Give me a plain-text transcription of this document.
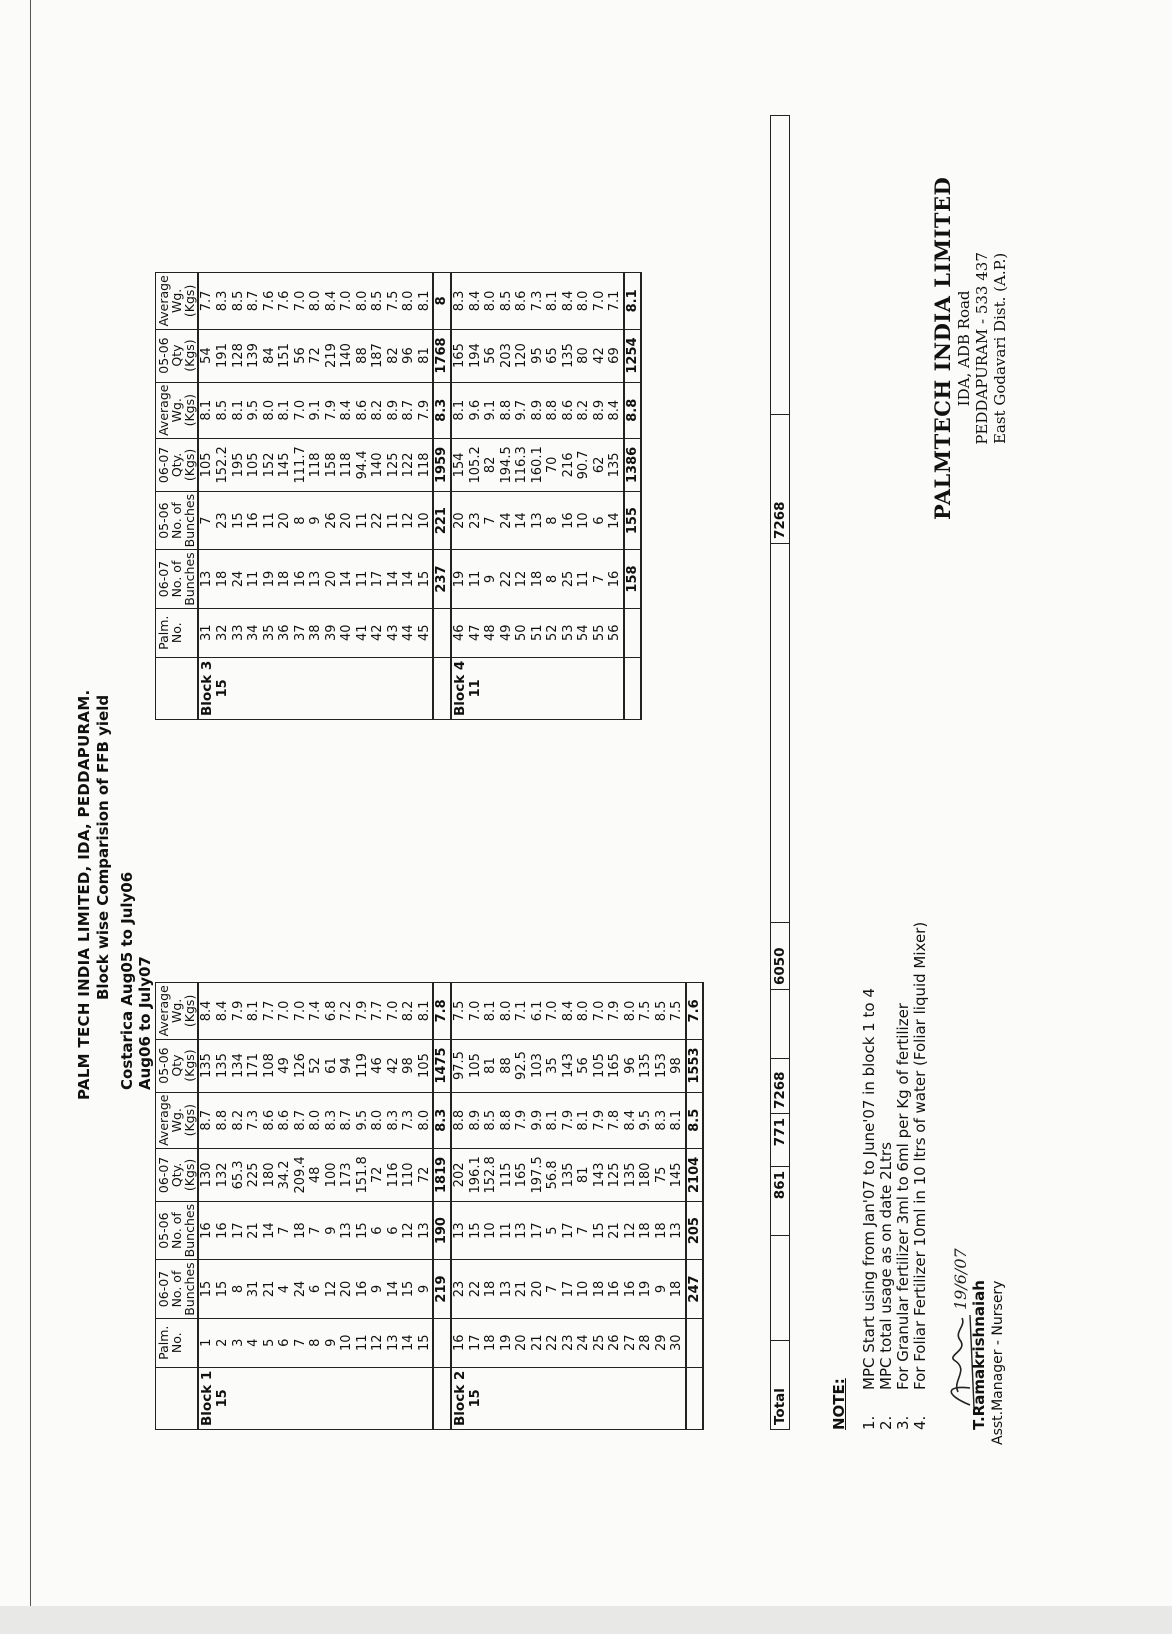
PALM TECH INDIA LIMITED, IDA, PEDDAPURAM. Block wise Comparision of FFB yield Costarica Aug05 to July06 Aug06 to July07
	Palm. No.	06-07 No. of Bunches	05-06 No. of Bunches	06-07 Qty. (Kgs)	Average Wg. (Kgs)	05-06 Qty (Kgs)	Average Wg. (Kgs)
Block 1	1	15	16	130	8.7	135	8.4
15	2	15	16	132	8.8	135	8.4
	3	8	17	65.3	8.2	134	7.9
	4	31	21	225	7.3	171	8.1
	5	21	14	180	8.6	108	7.7
	6	4	7	34.2	8.6	49	7.0
	7	24	18	209.4	8.7	126	7.0
	8	6	7	48	8.0	52	7.4
	9	12	9	100	8.3	61	6.8
	10	20	13	173	8.7	94	7.2
	11	16	15	151.8	9.5	119	7.9
	12	9	6	72	8.0	46	7.7
	13	14	6	116	8.3	42	7.0
	14	15	12	110	7.3	98	8.2
	15	9	13	72	8.0	105	8.1
		219	190	1819	8.3	1475	7.8
Block 2	16	23	13	202	8.8	97.5	7.5
15	17	22	15	196.1	8.9	105	7.0
	18	18	10	152.8	8.5	81	8.1
	19	13	11	115	8.8	88	8.0
	20	21	13	165	7.9	92.5	7.1
	21	20	17	197.5	9.9	103	6.1
	22	7	5	56.8	8.1	35	7.0
	23	17	17	135	7.9	143	8.4
	24	10	7	81	8.1	56	8.0
	25	18	15	143	7.9	105	7.0
	26	16	21	125	7.8	165	7.9
	27	16	12	135	8.4	96	8.0
	28	19	18	180	9.5	135	7.5
	29	9	18	75	8.3	153	8.5
	30	18	13	145	8.1	98	7.5
		247	205	2104	8.5	1553	7.6
	Palm. No.	06-07 No. of Bunches	05-06 No. of Bunches	06-07 Qty. (Kgs)	Average Wg. (Kgs)	05-06 Qty (Kgs)	Average Wg. (Kgs)
Block 3	31	13	7	105	8.1	54	7.7
15	32	18	23	152.2	8.5	191	8.3
	33	24	15	195	8.1	128	8.5
	34	11	16	105	9.5	139	8.7
	35	19	11	152	8.0	84	7.6
	36	18	20	145	8.1	151	7.6
	37	16	8	111.7	7.0	56	7.0
	38	13	9	118	9.1	72	8.0
	39	20	26	158	7.9	219	8.4
	40	14	20	118	8.4	140	7.0
	41	11	11	94.4	8.6	88	8.0
	42	17	22	140	8.2	187	8.5
	43	14	11	125	8.9	82	7.5
	44	14	12	122	8.7	96	8.0
	45	15	10	118	7.9	81	8.1
		237	221	1959	8.3	1768	8
Block 4	46	19	20	154	8.1	165	8.3
11	47	11	23	105.2	9.6	194	8.4
	48	9	7	82	9.1	56	8.0
	49	22	24	194.5	8.8	203	8.5
	50	12	14	116.3	9.7	120	8.6
	51	18	13	160.1	8.9	95	7.3
	52	8	8	70	8.8	65	8.1
	53	25	16	216	8.6	135	8.4
	54	11	10	90.7	8.2	80	8.0
	55	7	6	62	8.9	42	7.0
	56	16	14	135	8.4	69	7.1
		158	155	1386	8.8	1254	8.1
Total		861	771	7268		6050		7268	
NOTE: 1.MPC Start using from Jan'07 to June'07 in block 1 to 4
2.MPC total usage as on date 2Ltrs
3.For Granular fertilizer 3ml to 6ml per Kg of fertilizer
4.For Foliar Fertilizer 10ml in 10 ltrs of water (Foliar liquid Mixer) 19/6/07
T.Ramakrishnaiah Asst.Manager - Nursery
PALMTECH INDIA LIMITED IDA, ADB Road PEDDAPURAM - 533 437 East Godavari Dist. (A.P.)
